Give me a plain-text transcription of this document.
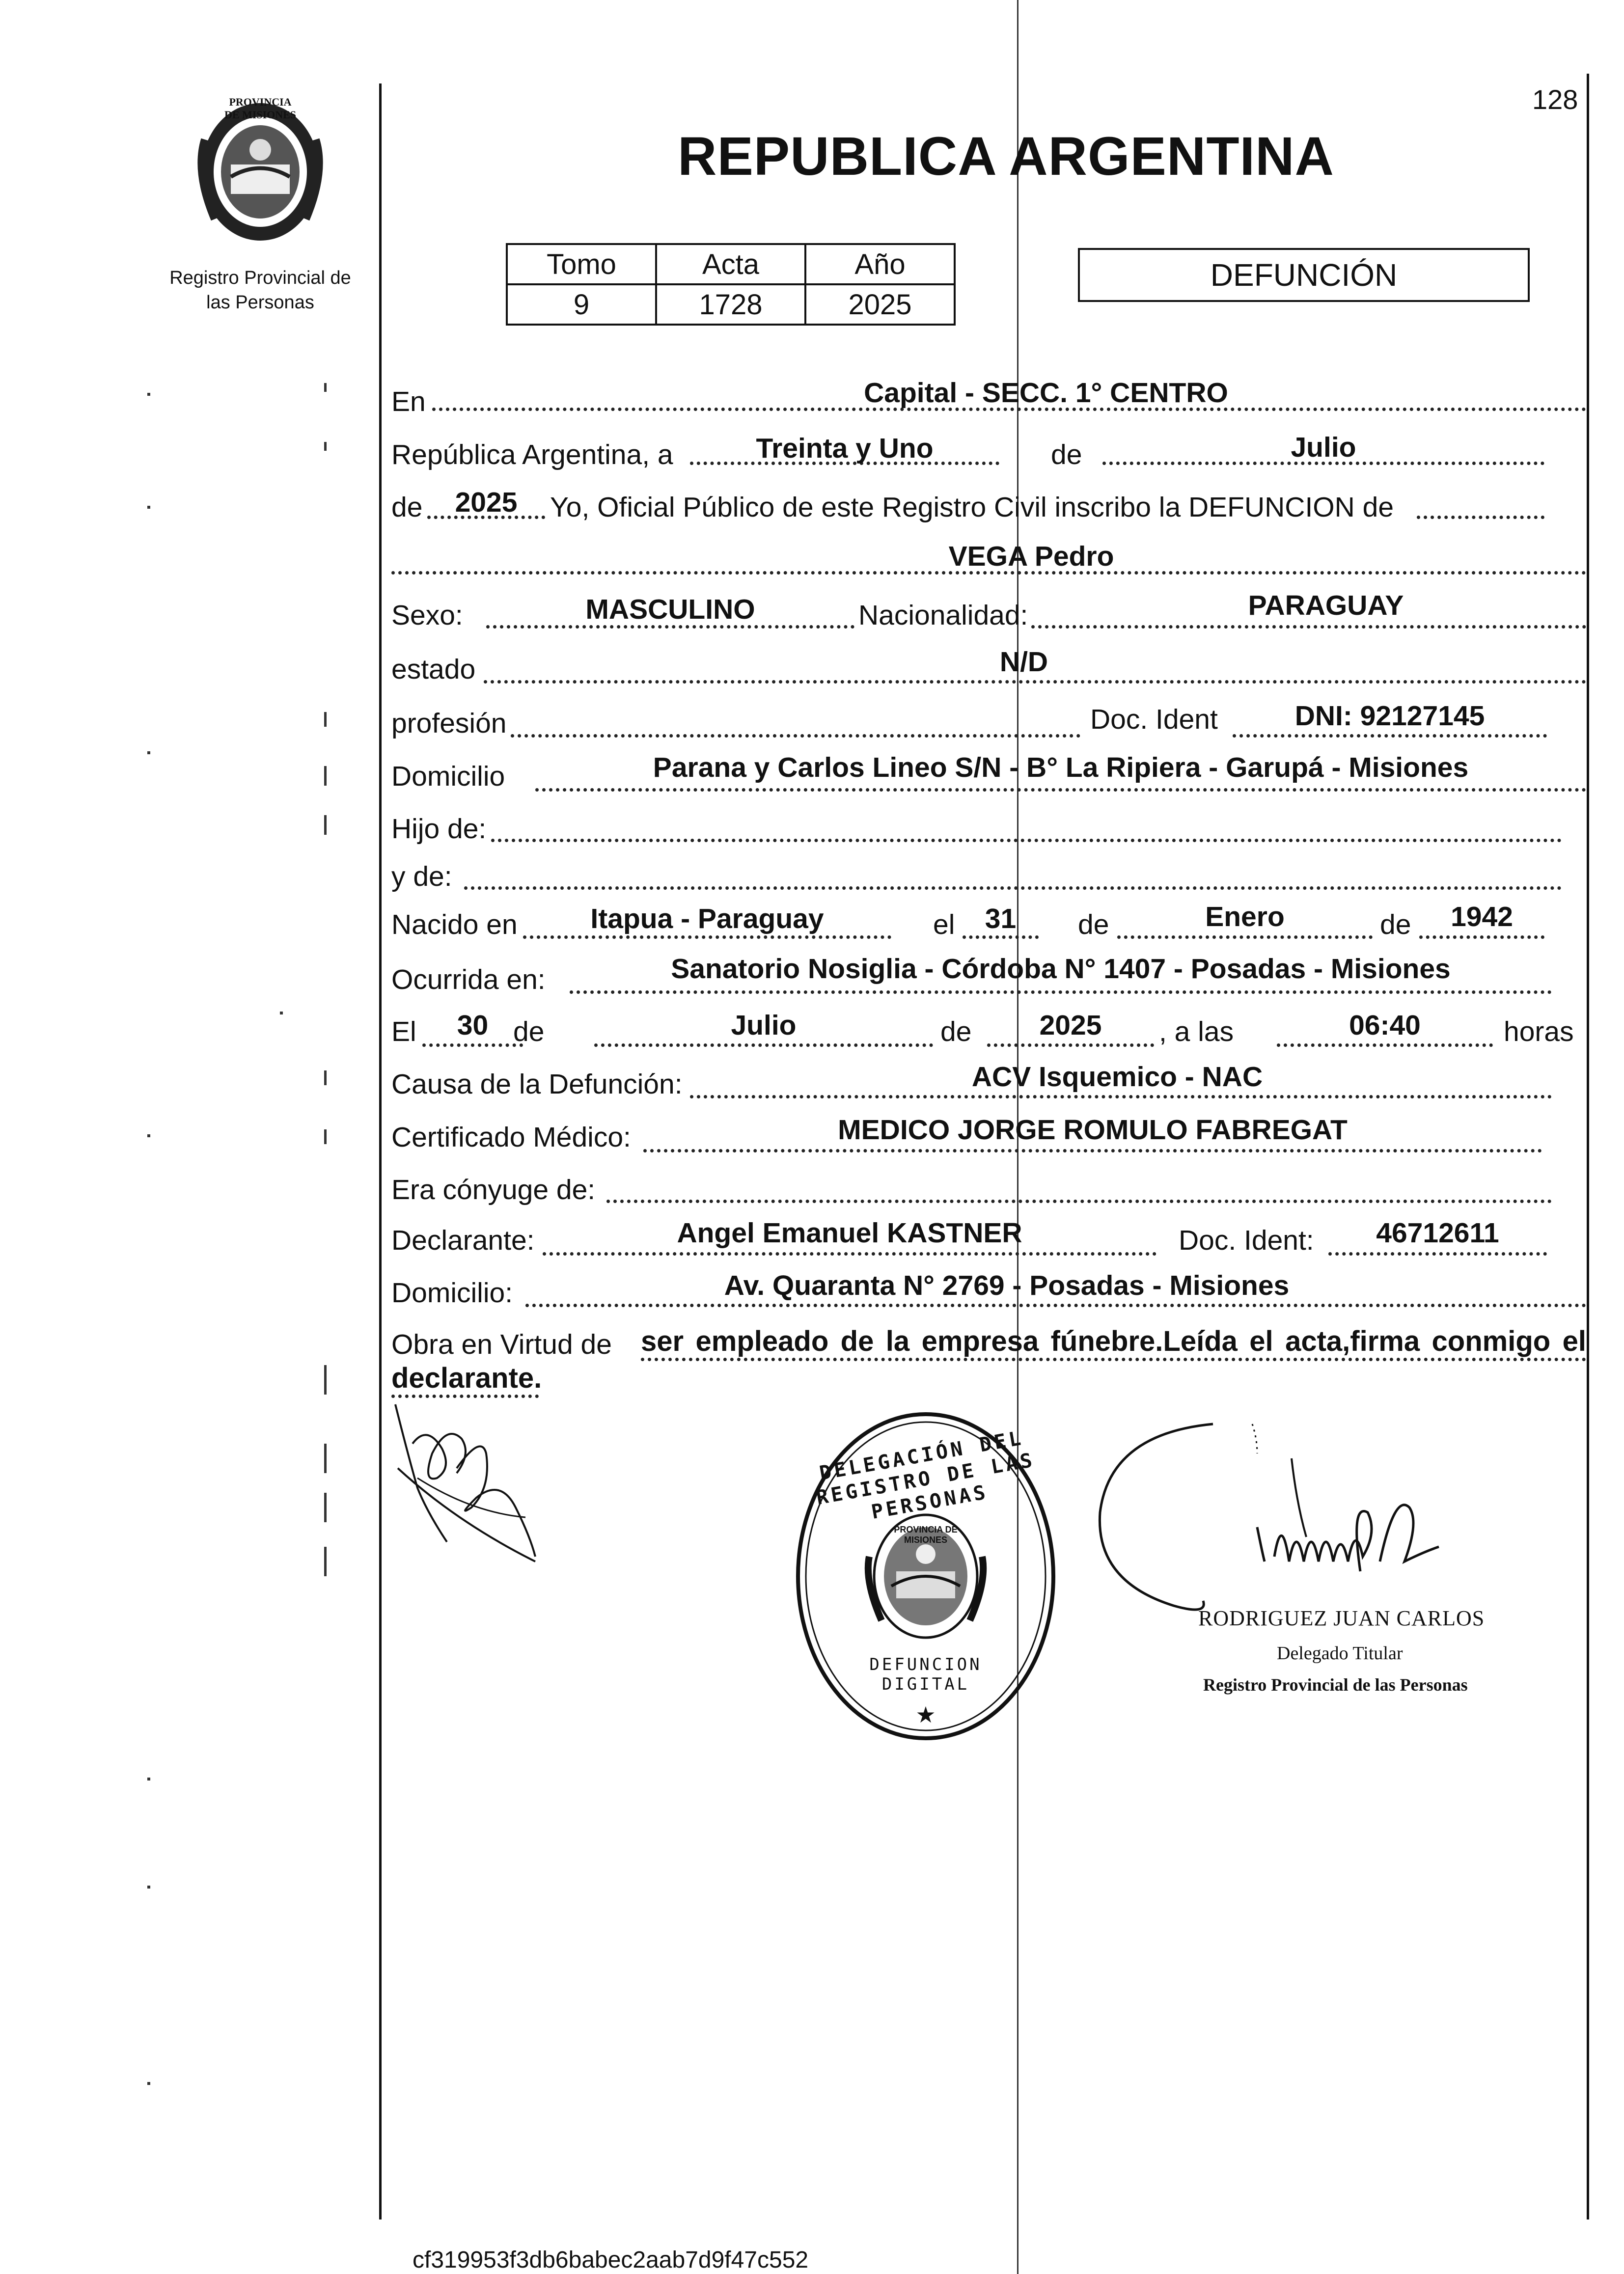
128
PROVINCIA DE MISIONES
Registro Provincial de
las Personas
REPUBLICA ARGENTINA
Tomo	Acta	Año
9	1728	2025
DEFUNCIÓN
En	Capital - SECC. 1° CENTRO
República Argentina, a	Treinta y Uno	de	Julio
de	2025	Yo, Oficial Público de este Registro Civil inscribo la DEFUNCION de
VEGA Pedro
Sexo:	MASCULINO	Nacionalidad:	PARAGUAY
estado	N/D
profesión	Doc. Ident	DNI: 92127145
Domicilio	Parana y Carlos Lineo S/N - B° La Ripiera - Garupá - Misiones
Hijo de:
y de:
Nacido en	Itapua - Paraguay	el	31	de	Enero	de	1942
Ocurrida en:	Sanatorio Nosiglia - Córdoba N° 1407 - Posadas - Misiones
El	30 de	Julio	de	2025	, a las	06:40	horas
Causa de la Defunción:	ACV Isquemico - NAC
Certificado Médico:	MEDICO JORGE ROMULO FABREGAT
Era cónyuge de:
Declarante:	Angel Emanuel KASTNER	Doc. Ident:	46712611
Domicilio:	Av. Quaranta N° 2769 - Posadas - Misiones
Obra en Virtud de ser empleado de la empresa fúnebre.Leída el acta,firma conmigo el
declarante.
DELEGACIÓN DEL REGISTRO DE LAS PERSONAS
DEFUNCION DIGITAL
PROVINCIA DE MISIONES
★
RODRIGUEZ JUAN CARLOS
Delegado Titular
Registro Provincial de las Personas
cf319953f3db6babec2aab7d9f47c552
